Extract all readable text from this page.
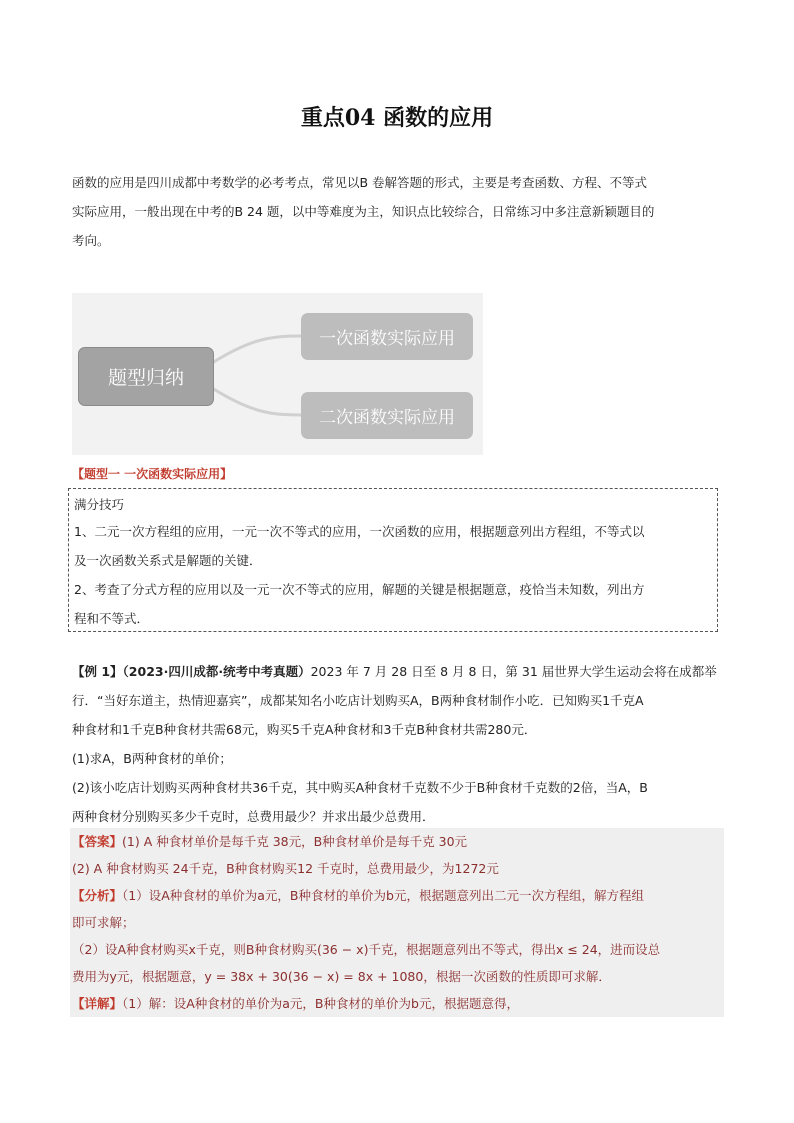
重点04 函数的应用
函数的应用是四川成都中考数学的必考考点，常见以B 卷解答题的形式，主要是考查函数、方程、不等式
实际应用，一般出现在中考的B 24 题，以中等难度为主，知识点比较综合，日常练习中多注意新颖题目的
考向。
题型归纳
一次函数实际应用
二次函数实际应用
【题型一 一次函数实际应用】
满分技巧
1、二元一次方程组的应用，一元一次不等式的应用，一次函数的应用，根据题意列出方程组，不等式以
及一次函数关系式是解题的关键．
2、考查了分式方程的应用以及一元一次不等式的应用，解题的关键是根据题意，疫恰当未知数，列出方
程和不等式．
【例 1】（2023·四川成都·统考中考真题）2023 年 7 月 28 日至 8 月 8 日，第 31 届世界大学生运动会将在成都举
行．“当好东道主，热情迎嘉宾”，成都某知名小吃店计划购买A，B两种食材制作小吃．已知购买1千克A
种食材和1千克B种食材共需68元，购买5千克A种食材和3千克B种食材共需280元．
(1)求A，B两种食材的单价；
(2)该小吃店计划购买两种食材共36千克，其中购买A种食材千克数不少于B种食材千克数的2倍，当A，B
两种食材分别购买多少千克时，总费用最少？并求出最少总费用．
【答案】(1) A 种食材单价是每千克 38元，B种食材单价是每千克 30元
(2) A 种食材购买 24千克，B种食材购买12 千克时，总费用最少，为1272元
【分析】（1）设A种食材的单价为a元，B种食材的单价为b元，根据题意列出二元一次方程组，解方程组
即可求解；
（2）设A种食材购买x千克，则B种食材购买(36 − x)千克，根据题意列出不等式，得出x ≤ 24，进而设总
费用为y元，根据题意，y = 38x + 30(36 − x) = 8x + 1080，根据一次函数的性质即可求解．
【详解】（1）解：设A种食材的单价为a元，B种食材的单价为b元，根据题意得，
